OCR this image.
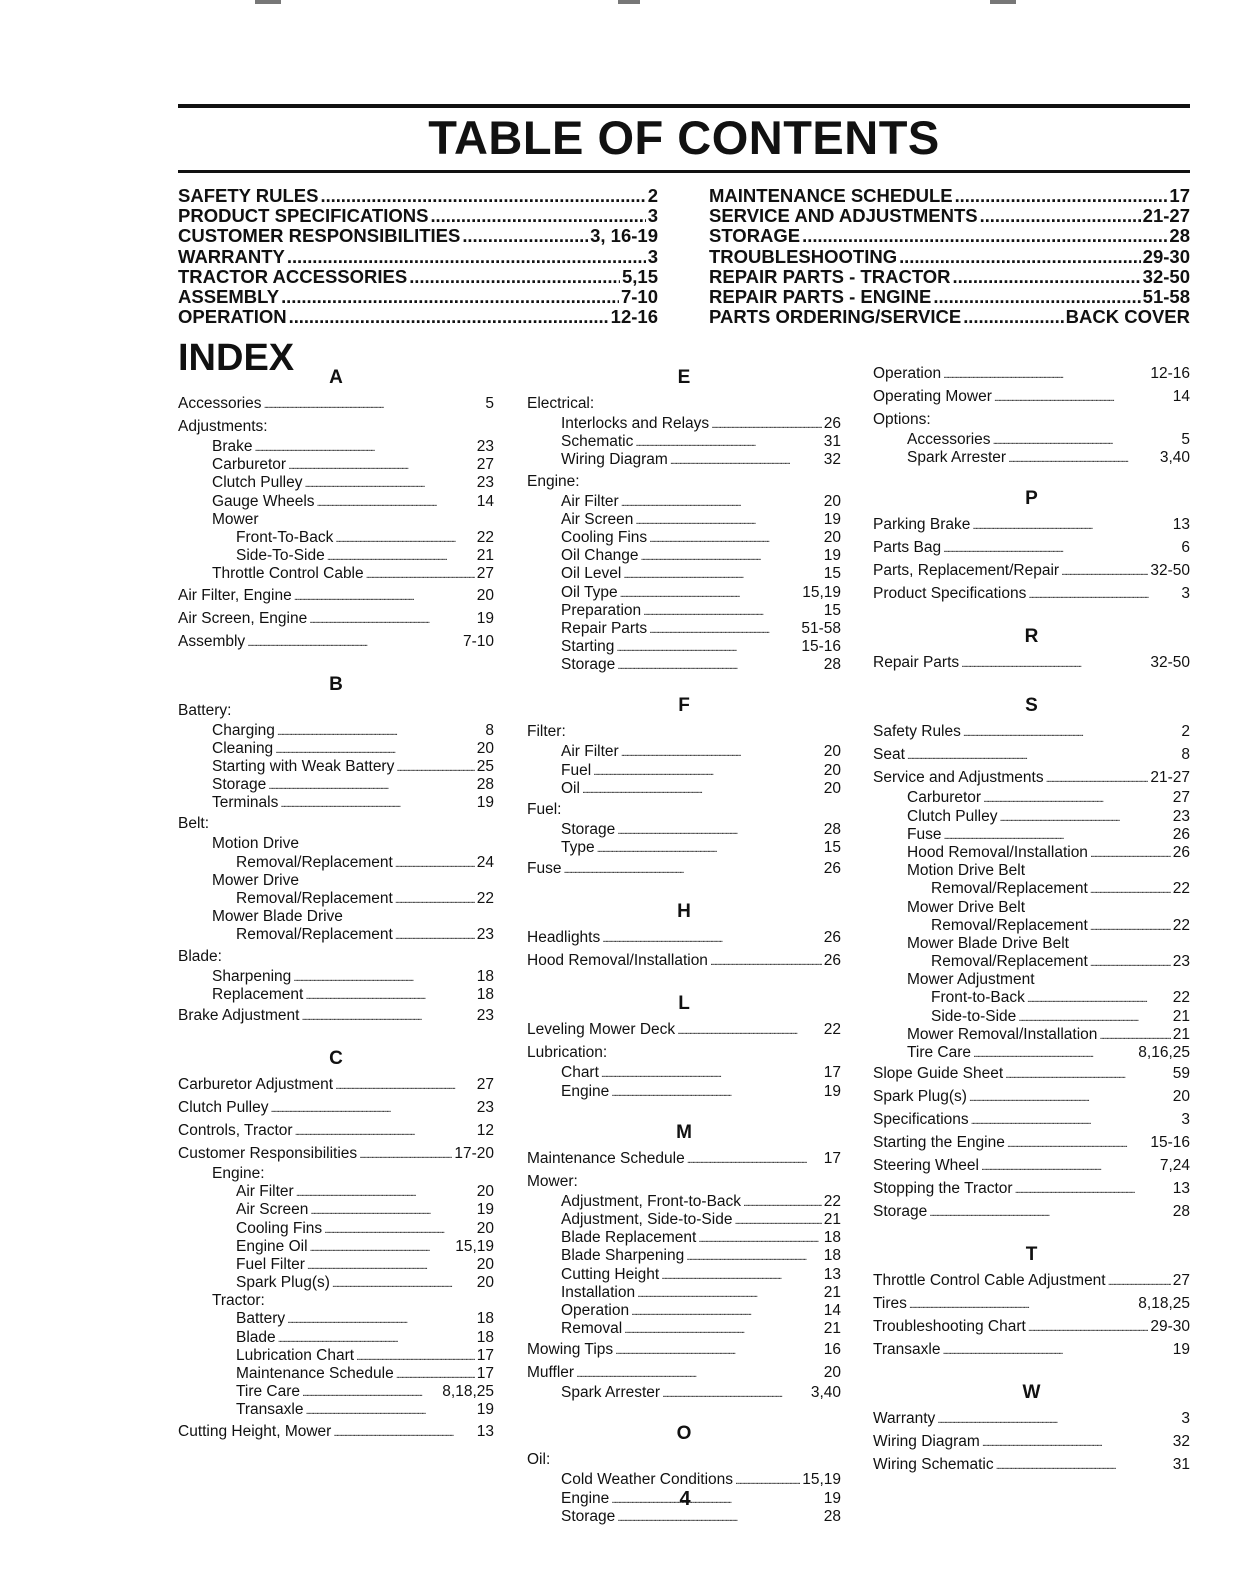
TABLE OF CONTENTS
SAFETY RULES . . .	2
PRODUCT SPECIFICATIONS . . .	3
CUSTOMER RESPONSIBILITIES . . .	3, 16-19
WARRANTY . . .	3
TRACTOR ACCESSORIES . . .	5,15
ASSEMBLY . . .	7-10
OPERATION . . .	12-16
MAINTENANCE SCHEDULE . . .	17
SERVICE AND ADJUSTMENTS . . .	21-27
STORAGE . . .	28
TROUBLESHOOTING . . .	29-30
REPAIR PARTS - TRACTOR . . .	32-50
REPAIR PARTS - ENGINE . . .	51-58
PARTS ORDERING/SERVICE . . .	BACK COVER
INDEX	A
Accessories . . .	5
Adjustments:
Brake . . .	23
Carburetor . . .	27
Clutch Pulley . . .	23
Gauge Wheels . . .	14
Mower
Front-To-Back . . .	22
Side-To-Side . . .	21
Throttle Control Cable . . .	27
Air Filter, Engine . . .	20
Air Screen, Engine . . .	19
Assembly . . .	7-10
B
Battery:
Charging . . .	8
Cleaning . . .	20
Starting with Weak Battery . . .	25
Storage . . .	28
Terminals . . .	19
Belt:
Motion Drive
Removal/Replacement . . .	24
Mower Drive
Removal/Replacement . . .	22
Mower Blade Drive
Removal/Replacement . . .	23
Blade:
Sharpening . . .	18
Replacement . . .	18
Brake Adjustment . . .	23
C
Carburetor Adjustment . . .	27
Clutch Pulley . . .	23
Controls, Tractor . . .	12
Customer Responsibilities . . .	17-20
Engine:
Air Filter . . .	20
Air Screen . . .	19
Cooling Fins . . .	20
Engine Oil . . .	15,19
Fuel Filter . . .	20
Spark Plug(s) . . .	20
Tractor:
Battery . . .	18
Blade . . .	18
Lubrication Chart . . .	17
Maintenance Schedule . . .	17
Tire Care . . .	8,18,25
Transaxle . . .	19
Cutting Height, Mower . . .	13
E
Electrical:
Interlocks and Relays . . .	26
Schematic . . .	31
Wiring Diagram . . .	32
Engine:
Air Filter . . .	20
Air Screen . . .	19
Cooling Fins . . .	20
Oil Change . . .	19
Oil Level . . .	15
Oil Type . . .	15,19
Preparation . . .	15
Repair Parts . . .	51-58
Starting . . .	15-16
Storage . . .	28
F
Filter:
Air Filter . . .	20
Fuel . . .	20
Oil . . .	20
Fuel:
Storage . . .	28
Type . . .	15
Fuse . . .	26
H
Headlights . . .	26
Hood Removal/Installation . . .	26
L
Leveling Mower Deck . . .	22
Lubrication:
Chart . . .	17
Engine . . .	19
M
Maintenance Schedule . . .	17
Mower:
Adjustment, Front-to-Back . . .	22
Adjustment, Side-to-Side . . .	21
Blade Replacement . . .	18
Blade Sharpening . . .	18
Cutting Height . . .	13
Installation . . .	21
Operation . . .	14
Removal . . .	21
Mowing Tips . . .	16
Muffler . . .	20
Spark Arrester . . .	3,40
O
Oil:
Cold Weather Conditions . . .	15,19
Engine . . .	19
Storage . . .	28
Operation . . .	12-16
Operating Mower . . .	14
Options:
Accessories . . .	5
Spark Arrester . . .	3,40
P
Parking Brake . . .	13
Parts Bag . . .	6
Parts, Replacement/Repair . . .	32-50
Product Specifications . . .	3
R
Repair Parts . . .	32-50
S
Safety Rules . . .	2
Seat . . .	8
Service and Adjustments . . .	21-27
Carburetor . . .	27
Clutch Pulley . . .	23
Fuse . . .	26
Hood Removal/Installation . . .	26
Motion Drive Belt
Removal/Replacement . . .	22
Mower Drive Belt
Removal/Replacement . . .	22
Mower Blade Drive Belt
Removal/Replacement . . .	23
Mower Adjustment
Front-to-Back . . .	22
Side-to-Side . . .	21
Mower Removal/Installation . . .	21
Tire Care . . .	8,16,25
Slope Guide Sheet . . .	59
Spark Plug(s) . . .	20
Specifications . . .	3
Starting the Engine . . .	15-16
Steering Wheel . . .	7,24
Stopping the Tractor . . .	13
Storage . . .	28
T
Throttle Control Cable Adjustment . . .	27
Tires . . .	8,18,25
Troubleshooting Chart . . .	29-30
Transaxle . . .	19
W
Warranty . . .	3
Wiring Diagram . . .	32
Wiring Schematic . . .	31
4
